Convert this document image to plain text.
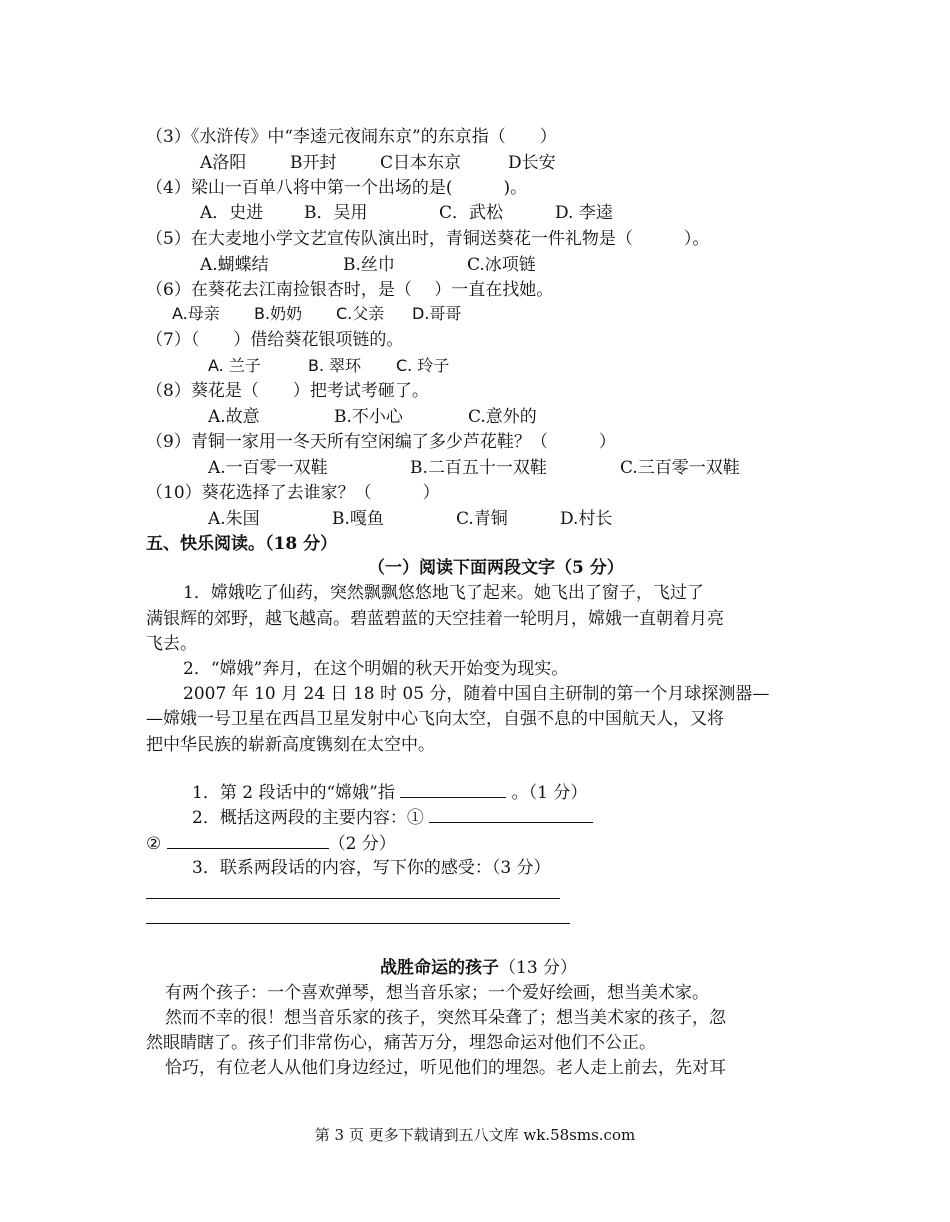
（3）《水浒传》中“李逵元夜闹东京”的东京指（　　）
A洛阳	B开封	C日本东京	D长安
（4）梁山一百单八将中第一个出场的是(　　　)。
A．史进 B．吴用	C．武松	D. 李逵
（5）在大麦地小学文艺宣传队演出时，青铜送葵花一件礼物是（　　　）。
A.蝴蝶结	B.丝巾	C.冰项链
（6）在葵花去江南捡银杏时，是（　 ）一直在找她。
A.母亲 B.奶奶 C.父亲 D.哥哥
（7）（　　）借给葵花银项链的。
A. 兰子	B. 翠环 C. 玲子
（8）葵花是（　　）把考试考砸了。
A.故意	B.不小心	C.意外的
（9）青铜一家用一冬天所有空闲编了多少芦花鞋？（　　　）
A.一百零一双鞋	B.二百五十一双鞋	C.三百零一双鞋
（10）葵花选择了去谁家？（　　　）
A.朱国	B.嘎鱼	C.青铜	D.村长
五、快乐阅读。（18 分）
（一）阅读下面两段文字（5 分）
1．嫦娥吃了仙药，突然飘飘悠悠地飞了起来。她飞出了窗子，飞过了
满银辉的郊野，越飞越高。碧蓝碧蓝的天空挂着一轮明月，嫦娥一直朝着月亮
飞去。
2．“嫦娥”奔月，在这个明媚的秋天开始变为现实。
2007 年 10 月 24 日 18 时 05 分，随着中国自主研制的第一个月球探测器—
—嫦娥一号卫星在西昌卫星发射中心飞向太空，自强不息的中国航天人，又将
把中华民族的崭新高度镌刻在太空中。
1．第 2 段话中的“嫦娥”指	。（1 分）
2．概括这两段的主要内容：①
②	（2 分）
3．联系两段话的内容，写下你的感受：（3 分）
战胜命运的孩子（13 分）
有两个孩子：一个喜欢弹琴，想当音乐家；一个爱好绘画，想当美术家。
然而不幸的很！想当音乐家的孩子，突然耳朵聋了；想当美术家的孩子，忽
然眼睛瞎了。孩子们非常伤心，痛苦万分，埋怨命运对他们不公正。
恰巧，有位老人从他们身边经过，听见他们的埋怨。老人走上前去，先对耳
第 3 页 更多下载请到五八文库 wk.58sms.com
